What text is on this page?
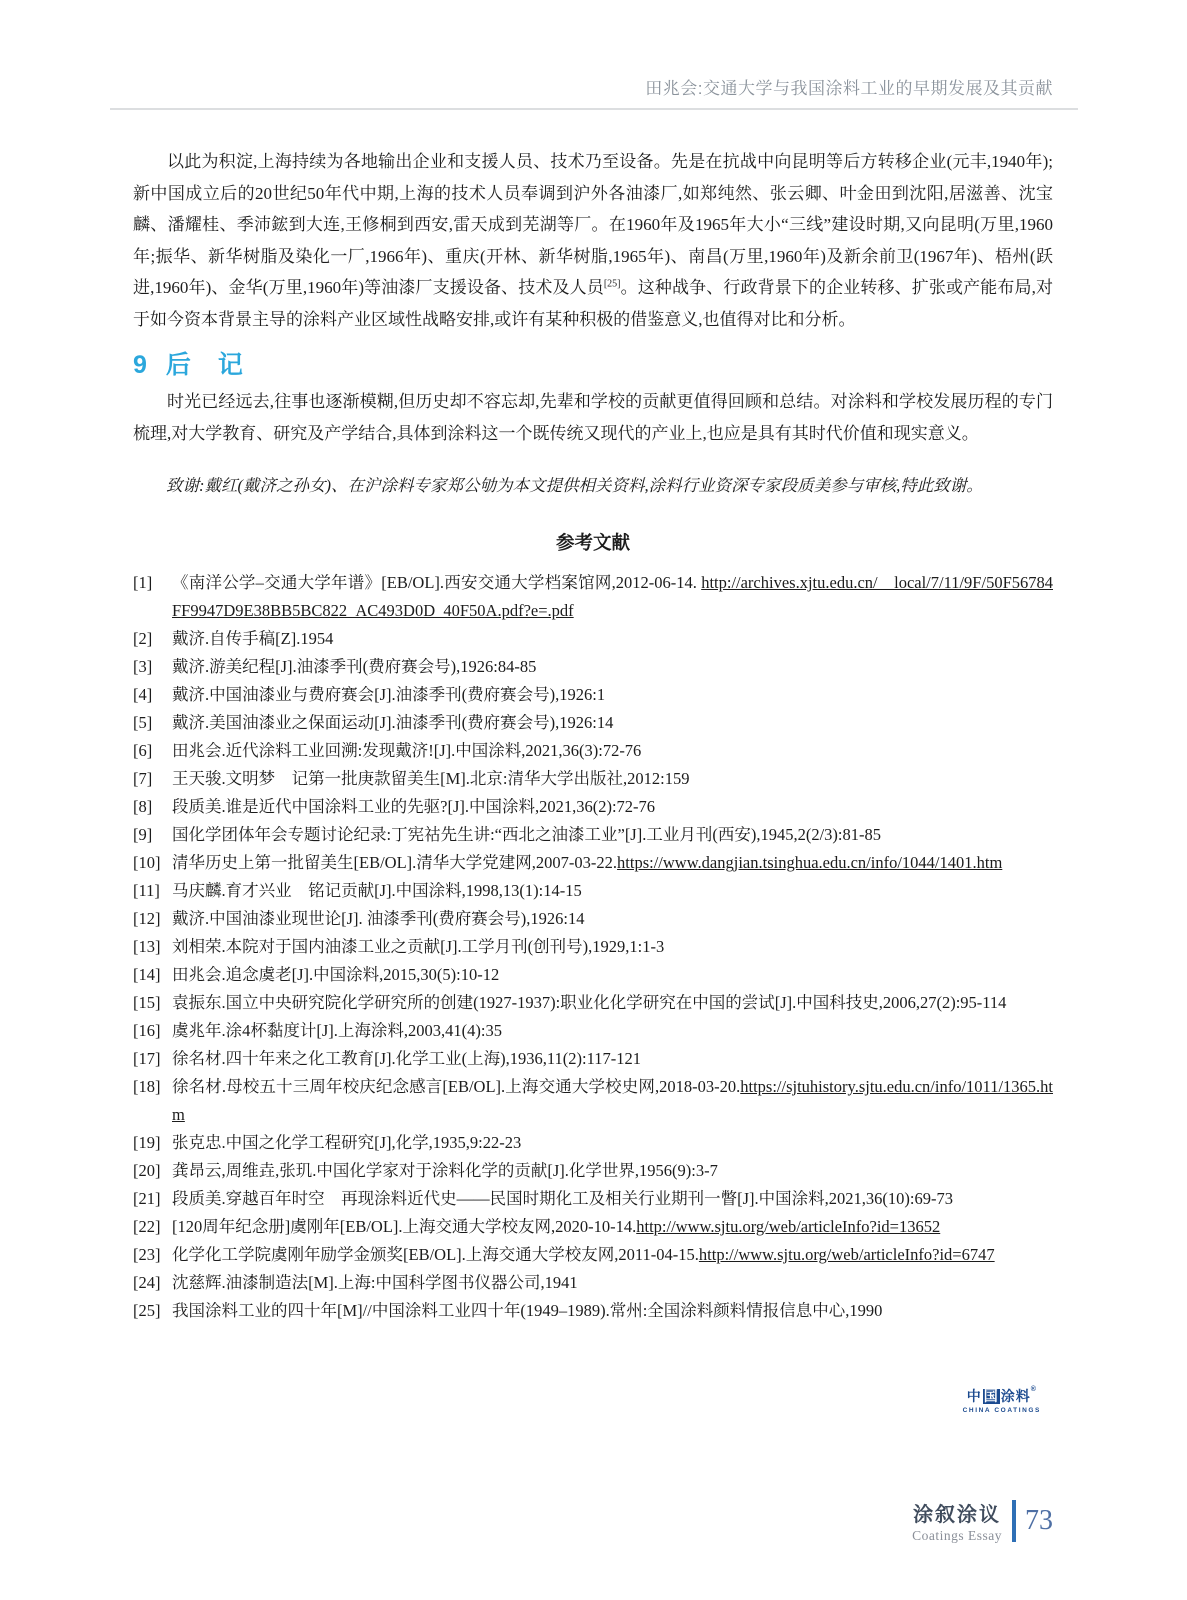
田兆会:交通大学与我国涂料工业的早期发展及其贡献

以此为积淀,上海持续为各地输出企业和支援人员、技术乃至设备。先是在抗战中向昆明等后方转移企业(元丰,1940年);新中国成立后的20世纪50年代中期,上海的技术人员奉调到沪外各油漆厂,如郑纯然、张云卿、叶金田到沈阳,居滋善、沈宝麟、潘耀桂、季沛鋐到大连,王修桐到西安,雷天成到芜湖等厂。在1960年及1965年大小“三线”建设时期,又向昆明(万里,1960年;振华、新华树脂及染化一厂,1966年)、重庆(开林、新华树脂,1965年)、南昌(万里,1960年)及新余前卫(1967年)、梧州(跃进,1960年)、金华(万里,1960年)等油漆厂支援设备、技术及人员[25]。这种战争、行政背景下的企业转移、扩张或产能布局,对于如今资本背景主导的涂料产业区域性战略安排,或许有某种积极的借鉴意义,也值得对比和分析。

9 后　记

时光已经远去,往事也逐渐模糊,但历史却不容忘却,先辈和学校的贡献更值得回顾和总结。对涂料和学校发展历程的专门梳理,对大学教育、研究及产学结合,具体到涂料这一个既传统又现代的产业上,也应是具有其时代价值和现实意义。

致谢:戴红(戴济之孙女)、在沪涂料专家郑公劬为本文提供相关资料,涂料行业资深专家段质美参与审核,特此致谢。

参考文献
[1] 《南洋公学–交通大学年谱》[EB/OL].西安交通大学档案馆网,2012-06-14. http://archives.xjtu.edu.cn/__local/7/11/9F/50F56784FF9947D9E38BB5BC822_AC493D0D_40F50A.pdf?e=.pdf
[2] 戴济.自传手稿[Z].1954
[3] 戴济.游美纪程[J].油漆季刊(费府赛会号),1926:84-85
[4] 戴济.中国油漆业与费府赛会[J].油漆季刊(费府赛会号),1926:1
[5] 戴济.美国油漆业之保面运动[J].油漆季刊(费府赛会号),1926:14
[6] 田兆会.近代涂料工业回溯:发现戴济![J].中国涂料,2021,36(3):72-76
[7] 王天骏.文明梦　记第一批庚款留美生[M].北京:清华大学出版社,2012:159
[8] 段质美.谁是近代中国涂料工业的先驱?[J].中国涂料,2021,36(2):72-76
[9] 国化学团体年会专题讨论纪录:丁宪祜先生讲:“西北之油漆工业”[J].工业月刊(西安),1945,2(2/3):81-85
[10] 清华历史上第一批留美生[EB/OL].清华大学党建网,2007-03-22.https://www.dangjian.tsinghua.edu.cn/info/1044/1401.htm
[11] 马庆麟.育才兴业　铭记贡献[J].中国涂料,1998,13(1):14-15
[12] 戴济.中国油漆业现世论[J]. 油漆季刊(费府赛会号),1926:14
[13] 刘相荣.本院对于国内油漆工业之贡献[J].工学月刊(创刊号),1929,1:1-3
[14] 田兆会.追念虞老[J].中国涂料,2015,30(5):10-12
[15] 袁振东.国立中央研究院化学研究所的创建(1927-1937):职业化化学研究在中国的尝试[J].中国科技史,2006,27(2):95-114
[16] 虞兆年.涂4杯黏度计[J].上海涂料,2003,41(4):35
[17] 徐名材.四十年来之化工教育[J].化学工业(上海),1936,11(2):117-121
[18] 徐名材.母校五十三周年校庆纪念感言[EB/OL].上海交通大学校史网,2018-03-20.https://sjtuhistory.sjtu.edu.cn/info/1011/1365.htm
[19] 张克忠.中国之化学工程研究[J],化学,1935,9:22-23
[20] 龚昂云,周维垚,张玑.中国化学家对于涂料化学的贡献[J].化学世界,1956(9):3-7
[21] 段质美.穿越百年时空　再现涂料近代史——民国时期化工及相关行业期刊一瞥[J].中国涂料,2021,36(10):69-73
[22] [120周年纪念册]虞刚年[EB/OL].上海交通大学校友网,2020-10-14.http://www.sjtu.org/web/articleInfo?id=13652
[23] 化学化工学院虞刚年励学金颁奖[EB/OL].上海交通大学校友网,2011-04-15.http://www.sjtu.org/web/articleInfo?id=6747
[24] 沈慈辉.油漆制造法[M].上海:中国科学图书仪器公司,1941
[25] 我国涂料工业的四十年[M]//中国涂料工业四十年(1949–1989).常州:全国涂料颜料情报信息中心,1990
中 国 涂料®
CHINA COATINGS
涂叙涂议
Coatings Essay 73
